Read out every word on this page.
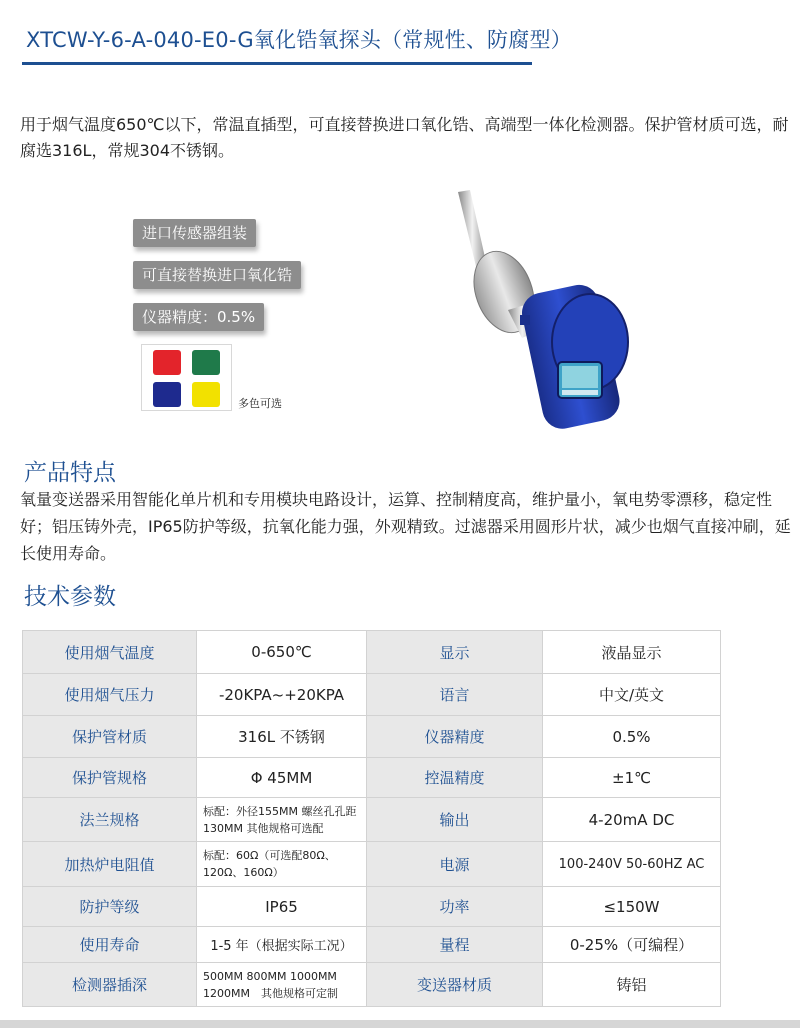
XTCW-Y-6-A-040-E0-G氧化锆氧探头（常规性、防腐型）
用于烟气温度650℃以下，常温直插型，可直接替换进口氧化锆、高端型一体化检测器。保护管材质可选，耐腐选316L，常规304不锈钢。
进口传感器组装
可直接替换进口氧化锆
仪器精度：0.5%
多色可选
产品特点
氧量变送器采用智能化单片机和专用模块电路设计，运算、控制精度高，维护量小，氧电势零漂移，稳定性好；铝压铸外壳，IP65防护等级，抗氧化能力强，外观精致。过滤器采用圆形片状，减少也烟气直接冲刷，延长使用寿命。
技术参数
使用烟气温度	0-650℃	显示	液晶显示
使用烟气压力	-20KPA~+20KPA	语言	中文/英文
保护管材质	316L 不锈钢	仪器精度	0.5%
保护管规格	Φ 45MM	控温精度	±1℃
法兰规格	标配：外径155MM 螺丝孔孔距130MM 其他规格可选配	输出	4-20mA DC
加热炉电阻值	标配：60Ω（可选配80Ω、120Ω、160Ω）	电源	100-240V 50-60HZ AC
防护等级	IP65	功率	≤150W
使用寿命	1-5 年（根据实际工况）	量程	0-25%（可编程）
检测器插深	500MM 800MM 1000MM 1200MM　其他规格可定制	变送器材质	铸铝
